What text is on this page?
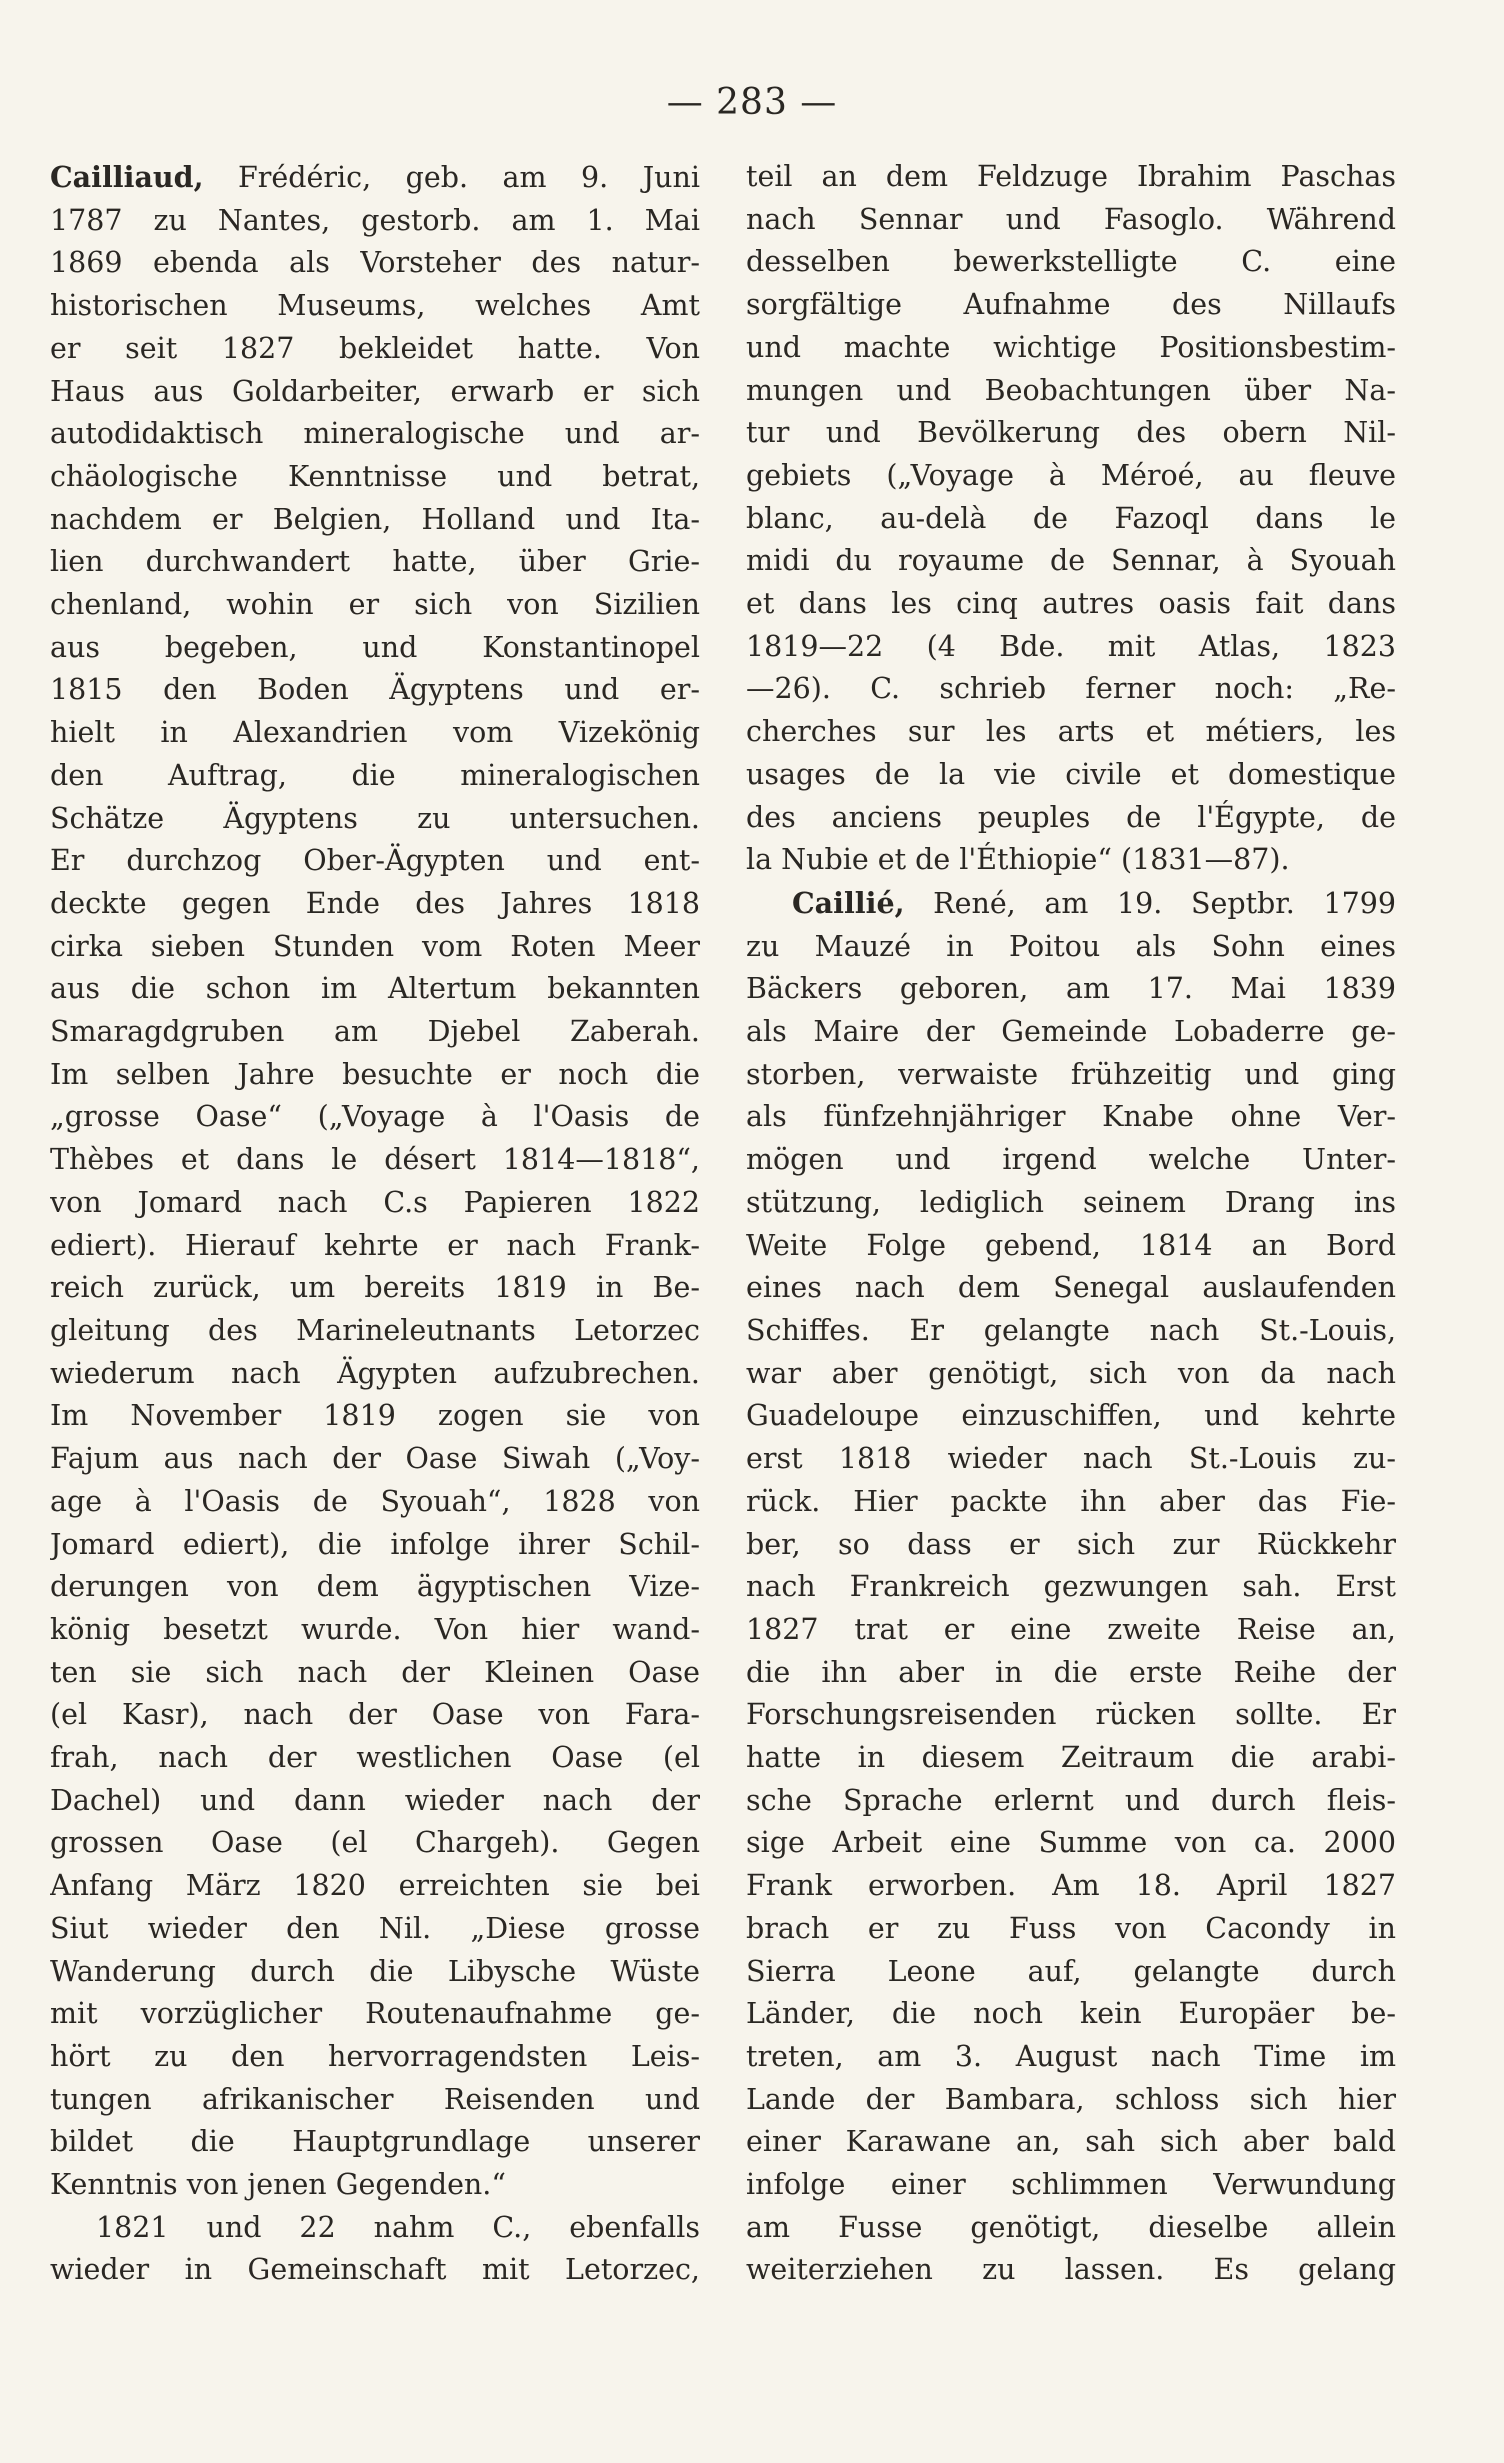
— 283 —

Cailliaud, Frédéric, geb. am 9. Juni

1787 zu Nantes, gestorb. am 1. Mai

1869 ebenda als Vorsteher des natur-

historischen Museums, welches Amt

er seit 1827 bekleidet hatte. Von

Haus aus Goldarbeiter, erwarb er sich

autodidaktisch mineralogische und ar-

chäologische Kenntnisse und betrat,

nachdem er Belgien, Holland und Ita-

lien durchwandert hatte, über Grie-

chenland, wohin er sich von Sizilien

aus begeben, und Konstantinopel

1815 den Boden Ägyptens und er-

hielt in Alexandrien vom Vizekönig

den Auftrag, die mineralogischen

Schätze Ägyptens zu untersuchen.

Er durchzog Ober-Ägypten und ent-

deckte gegen Ende des Jahres 1818

cirka sieben Stunden vom Roten Meer

aus die schon im Altertum bekannten

Smaragdgruben am Djebel Zaberah.

Im selben Jahre besuchte er noch die

„grosse Oase“ („Voyage à l'Oasis de

Thèbes et dans le désert 1814—1818“,

von Jomard nach C.s Papieren 1822

ediert). Hierauf kehrte er nach Frank-

reich zurück, um bereits 1819 in Be-

gleitung des Marineleutnants Letorzec

wiederum nach Ägypten aufzubrechen.

Im November 1819 zogen sie von

Fajum aus nach der Oase Siwah („Voy-

age à l'Oasis de Syouah“, 1828 von

Jomard ediert), die infolge ihrer Schil-

derungen von dem ägyptischen Vize-

könig besetzt wurde. Von hier wand-

ten sie sich nach der Kleinen Oase

(el Kasr), nach der Oase von Fara-

frah, nach der westlichen Oase (el

Dachel) und dann wieder nach der

grossen Oase (el Chargeh). Gegen

Anfang März 1820 erreichten sie bei

Siut wieder den Nil. „Diese grosse

Wanderung durch die Libysche Wüste

mit vorzüglicher Routenaufnahme ge-

hört zu den hervorragendsten Leis-

tungen afrikanischer Reisenden und

bildet die Hauptgrundlage unserer

Kenntnis von jenen Gegenden.“

1821 und 22 nahm C., ebenfalls

wieder in Gemeinschaft mit Letorzec,

teil an dem Feldzuge Ibrahim Paschas

nach Sennar und Fasoglo. Während

desselben bewerkstelligte C. eine

sorgfältige Aufnahme des Nillaufs

und machte wichtige Positionsbestim-

mungen und Beobachtungen über Na-

tur und Bevölkerung des obern Nil-

gebiets („Voyage à Méroé, au fleuve

blanc, au-delà de Fazoql dans le

midi du royaume de Sennar, à Syouah

et dans les cinq autres oasis fait dans

1819—22 (4 Bde. mit Atlas, 1823

—26). C. schrieb ferner noch: „Re-

cherches sur les arts et métiers, les

usages de la vie civile et domestique

des anciens peuples de l'Égypte, de

la Nubie et de l'Éthiopie“ (1831—87).

Caillié, René, am 19. Septbr. 1799

zu Mauzé in Poitou als Sohn eines

Bäckers geboren, am 17. Mai 1839

als Maire der Gemeinde Lobaderre ge-

storben, verwaiste frühzeitig und ging

als fünfzehnjähriger Knabe ohne Ver-

mögen und irgend welche Unter-

stützung, lediglich seinem Drang ins

Weite Folge gebend, 1814 an Bord

eines nach dem Senegal auslaufenden

Schiffes. Er gelangte nach St.-Louis,

war aber genötigt, sich von da nach

Guadeloupe einzuschiffen, und kehrte

erst 1818 wieder nach St.-Louis zu-

rück. Hier packte ihn aber das Fie-

ber, so dass er sich zur Rückkehr

nach Frankreich gezwungen sah. Erst

1827 trat er eine zweite Reise an,

die ihn aber in die erste Reihe der

Forschungsreisenden rücken sollte. Er

hatte in diesem Zeitraum die arabi-

sche Sprache erlernt und durch fleis-

sige Arbeit eine Summe von ca. 2000

Frank erworben. Am 18. April 1827

brach er zu Fuss von Cacondy in

Sierra Leone auf, gelangte durch

Länder, die noch kein Europäer be-

treten, am 3. August nach Time im

Lande der Bambara, schloss sich hier

einer Karawane an, sah sich aber bald

infolge einer schlimmen Verwundung

am Fusse genötigt, dieselbe allein

weiterziehen zu lassen. Es gelang
